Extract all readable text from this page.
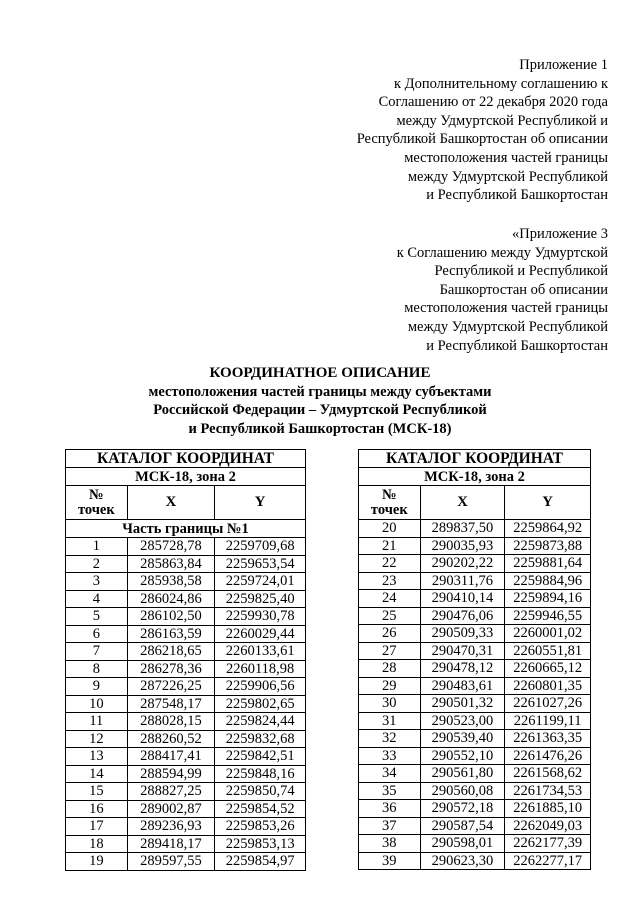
Приложение 1
к Дополнительному соглашению к
Соглашению от 22 декабря 2020 года
между Удмуртской Республикой и
Республикой Башкортостан об описании
местоположения частей границы
между Удмуртской Республикой
и Республикой Башкортостан
«Приложение 3
к Соглашению между Удмуртской
Республикой и Республикой
Башкортостан об описании
местоположения частей границы
между Удмуртской Республикой
и Республикой Башкортостан
КООРДИНАТНОЕ ОПИСАНИЕ
местоположения частей границы между субъектами
Российской Федерации – Удмуртской Республикой
и Республикой Башкортостан (МСК-18)
КАТАЛОГ КООРДИНАТ		
МСК-18, зона 2		
№
точек	X	Y
Часть границы №1		
1	285728,78	2259709,68
2	285863,84	2259653,54
3	285938,58	2259724,01
4	286024,86	2259825,40
5	286102,50	2259930,78
6	286163,59	2260029,44
7	286218,65	2260133,61
8	286278,36	2260118,98
9	287226,25	2259906,56
10	287548,17	2259802,65
11	288028,15	2259824,44
12	288260,52	2259832,68
13	288417,41	2259842,51
14	288594,99	2259848,16
15	288827,25	2259850,74
16	289002,87	2259854,52
17	289236,93	2259853,26
18	289418,17	2259853,13
19	289597,55	2259854,97
КАТАЛОГ КООРДИНАТ		
МСК-18, зона 2		
№
точек	X	Y
20	289837,50	2259864,92
21	290035,93	2259873,88
22	290202,22	2259881,64
23	290311,76	2259884,96
24	290410,14	2259894,16
25	290476,06	2259946,55
26	290509,33	2260001,02
27	290470,31	2260551,81
28	290478,12	2260665,12
29	290483,61	2260801,35
30	290501,32	2261027,26
31	290523,00	2261199,11
32	290539,40	2261363,35
33	290552,10	2261476,26
34	290561,80	2261568,62
35	290560,08	2261734,53
36	290572,18	2261885,10
37	290587,54	2262049,03
38	290598,01	2262177,39
39	290623,30	2262277,17
